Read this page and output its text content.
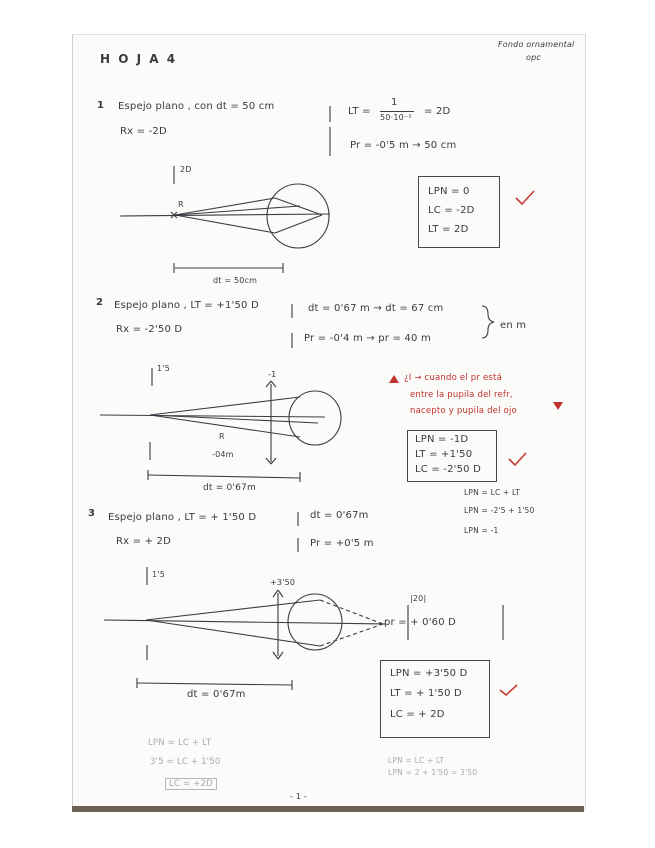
H O J A 4
Fondo ornamental
opc
1 Espejo plano , con dt = 50 cm
Rx = -2D
LT =
1
50·10⁻²
= 2D
Pr = -0'5 m → 50 cm
2D
R
dt = 50cm
LPN = 0
LC = -2D
LT = 2D
2 Espejo plano , LT = +1'50 D
Rx = -2'50 D
dt = 0'67 m → dt = 67 cm
Pr = -0'4 m → pr = 40 m
en m
1'5
-1
R
-04m
dt = 0'67m
¿I → cuando el pr está
entre la pupila del refr,
nacepto y pupila del ojo
LPN = -1D
LT = +1'50
LC = -2'50 D
LPN = LC + LT
LPN = -2'5 + 1'50
LPN = -1
3 Espejo plano , LT = + 1'50 D
Rx = + 2D
dt = 0'67m
Pr = +0'5 m
1'5
+3'50
|20|
pr = + 0'60 D
dt = 0'67m
LPN = +3'50 D
LT = + 1'50 D
LC = + 2D
LPN = LC + LT
3'5 = LC + 1'50
LC = +2D
LPN = LC + LT
LPN = 2 + 1'50 = 3'50
- 1 -
